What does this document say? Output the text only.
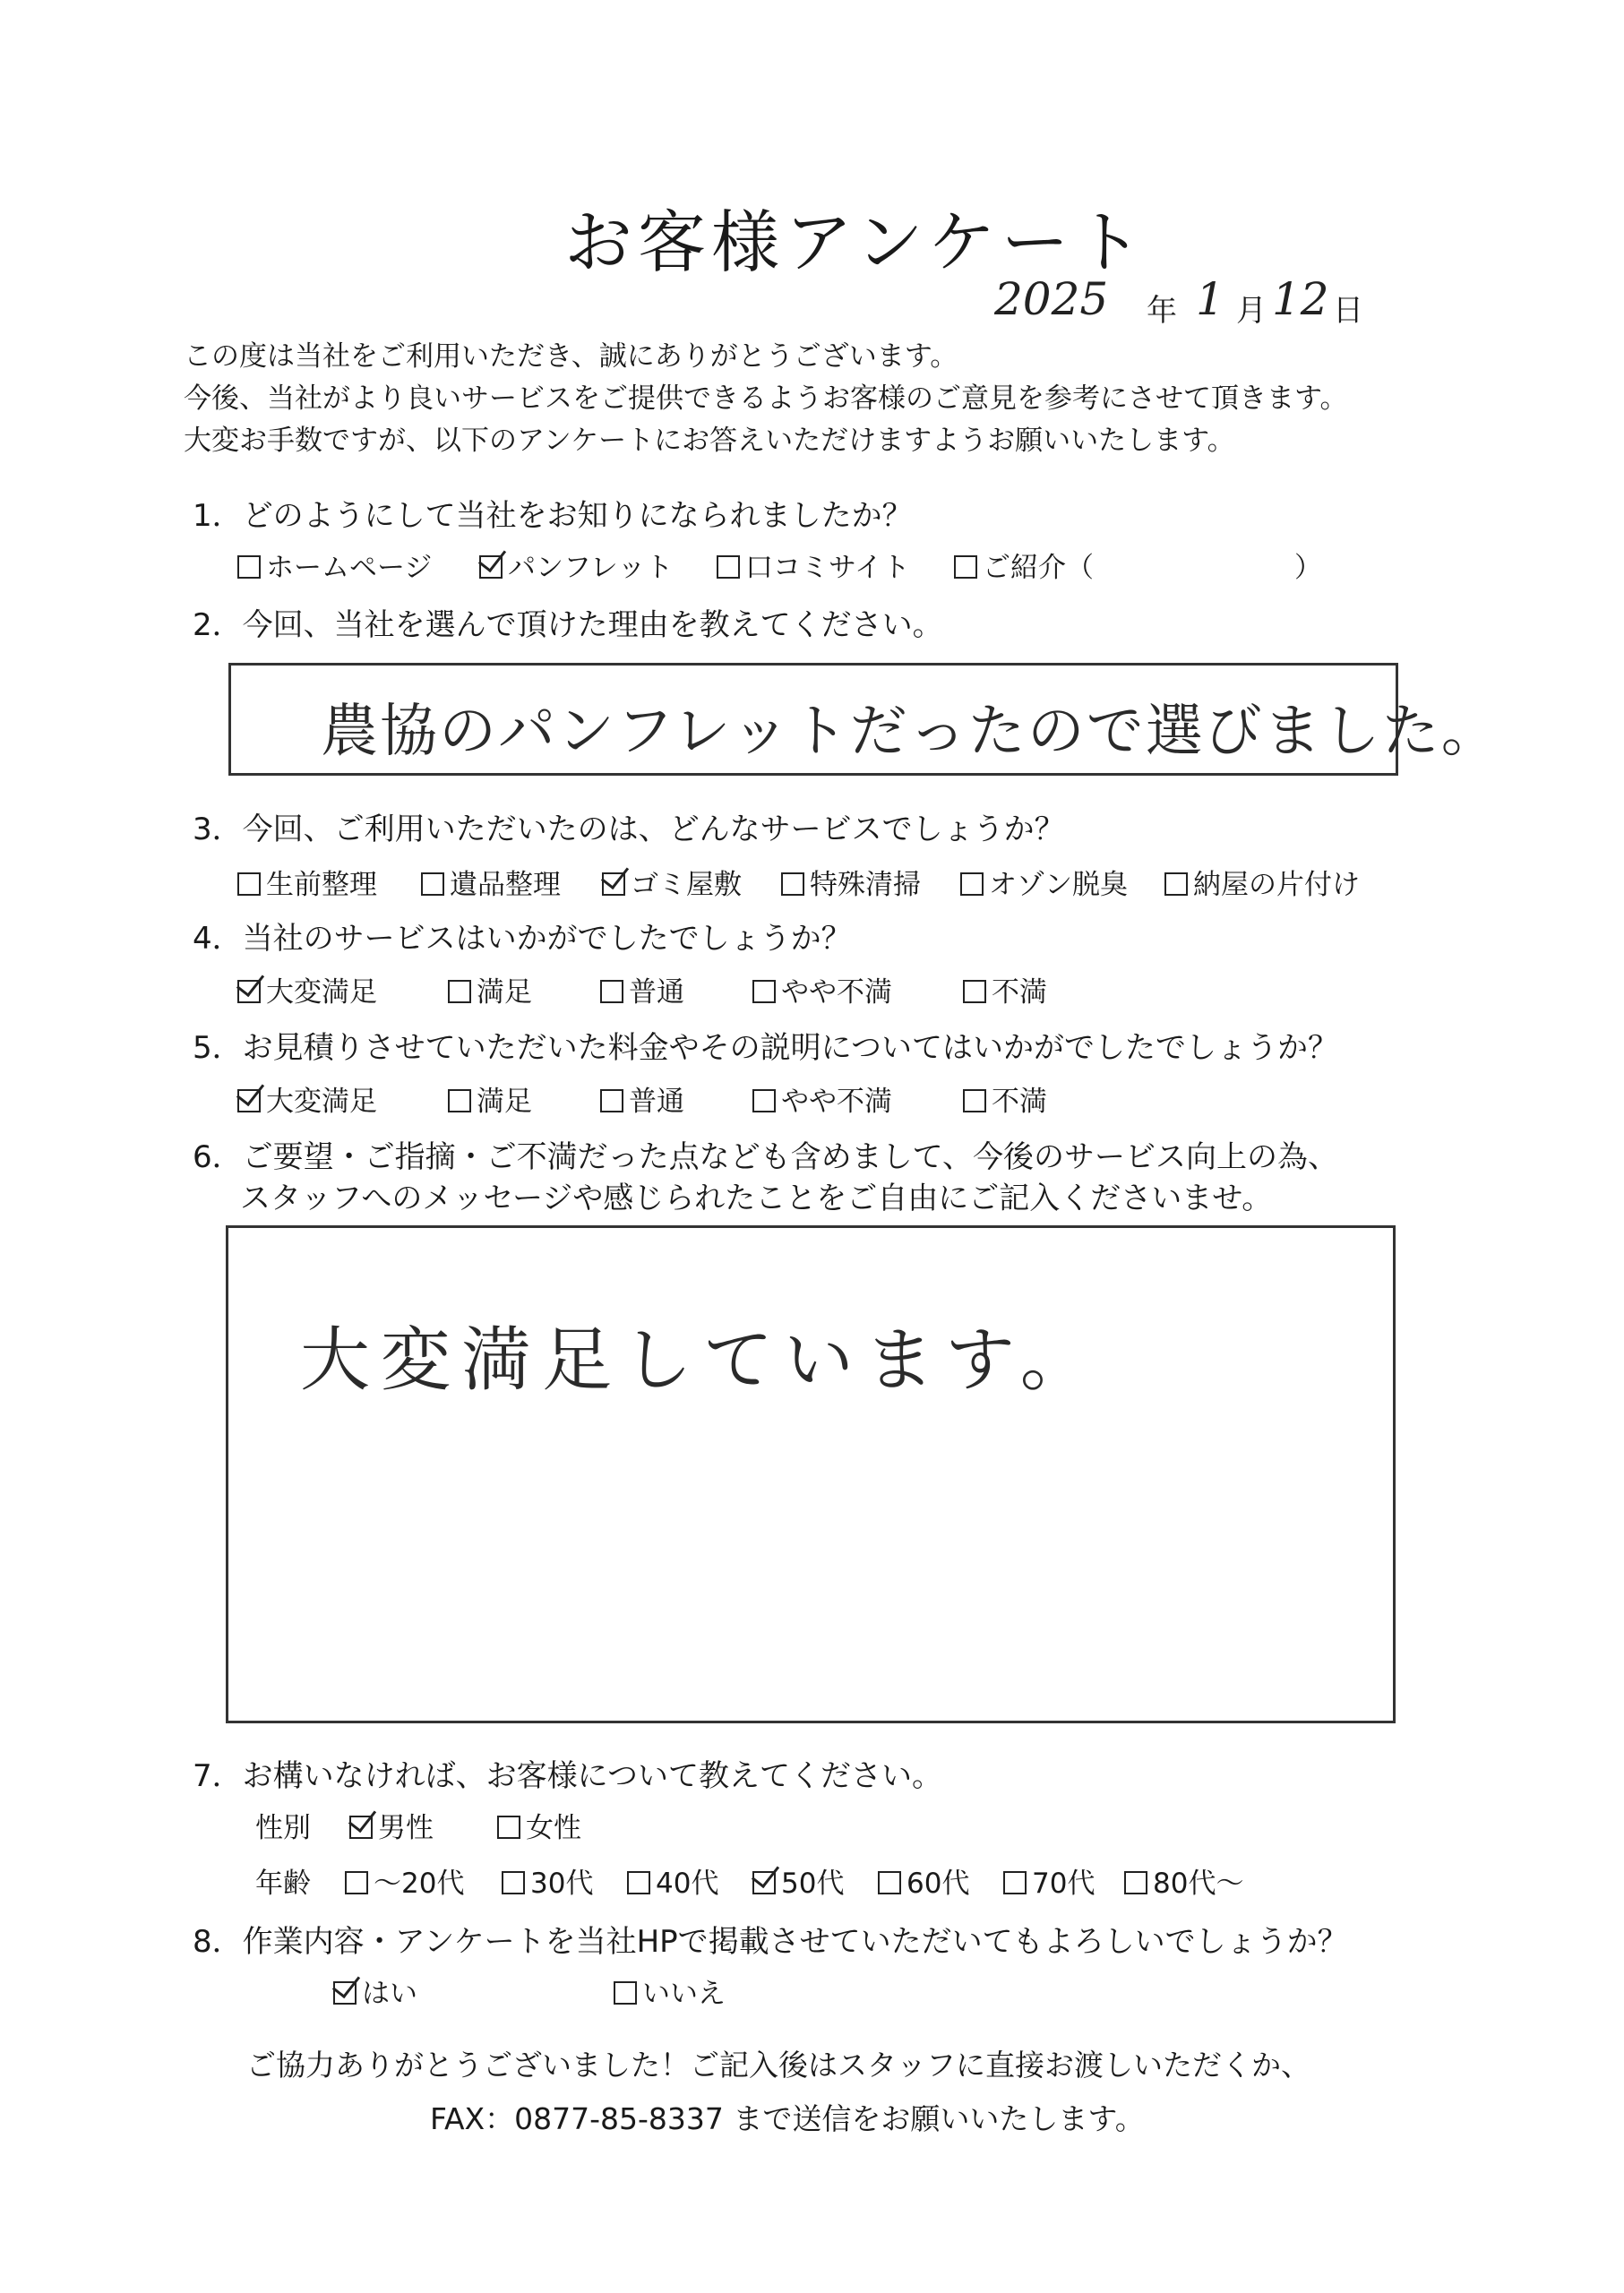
お客様アンケート
2025 年 1 月 12 日
この度は当社をご利用いただき、誠にありがとうございます。
今後、当社がより良いサービスをご提供できるようお客様のご意見を参考にさせて頂きます。
大変お手数ですが、以下のアンケートにお答えいただけますようお願いいたします。
1．どのようにして当社をお知りになられましたか？
ホームページ	パンフレット	口コミサイト	ご紹介（	）
2．今回、当社を選んで頂けた理由を教えてください。
農協のパンフレットだったので選びました。
3．今回、ご利用いただいたのは、どんなサービスでしょうか？
生前整理	遺品整理	ゴミ屋敷	特殊清掃	オゾン脱臭	納屋の片付け
4．当社のサービスはいかがでしたでしょうか？
大変満足	満足	普通	やや不満	不満
5．お見積りさせていただいた料金やその説明についてはいかがでしたでしょうか？
大変満足	満足	普通	やや不満	不満
6．ご要望・ご指摘・ご不満だった点なども含めまして、今後のサービス向上の為、
スタッフへのメッセージや感じられたことをご自由にご記入くださいませ。
大変満足しています。
7．お構いなければ、お客様について教えてください。
性別	男性	女性
年齢	～20代	30代	40代	50代	60代	70代	80代～
8．作業内容・アンケートを当社HPで掲載させていただいてもよろしいでしょうか？
はい	いいえ
ご協力ありがとうございました！ご記入後はスタッフに直接お渡しいただくか、
FAX：0877-85-8337 まで送信をお願いいたします。
